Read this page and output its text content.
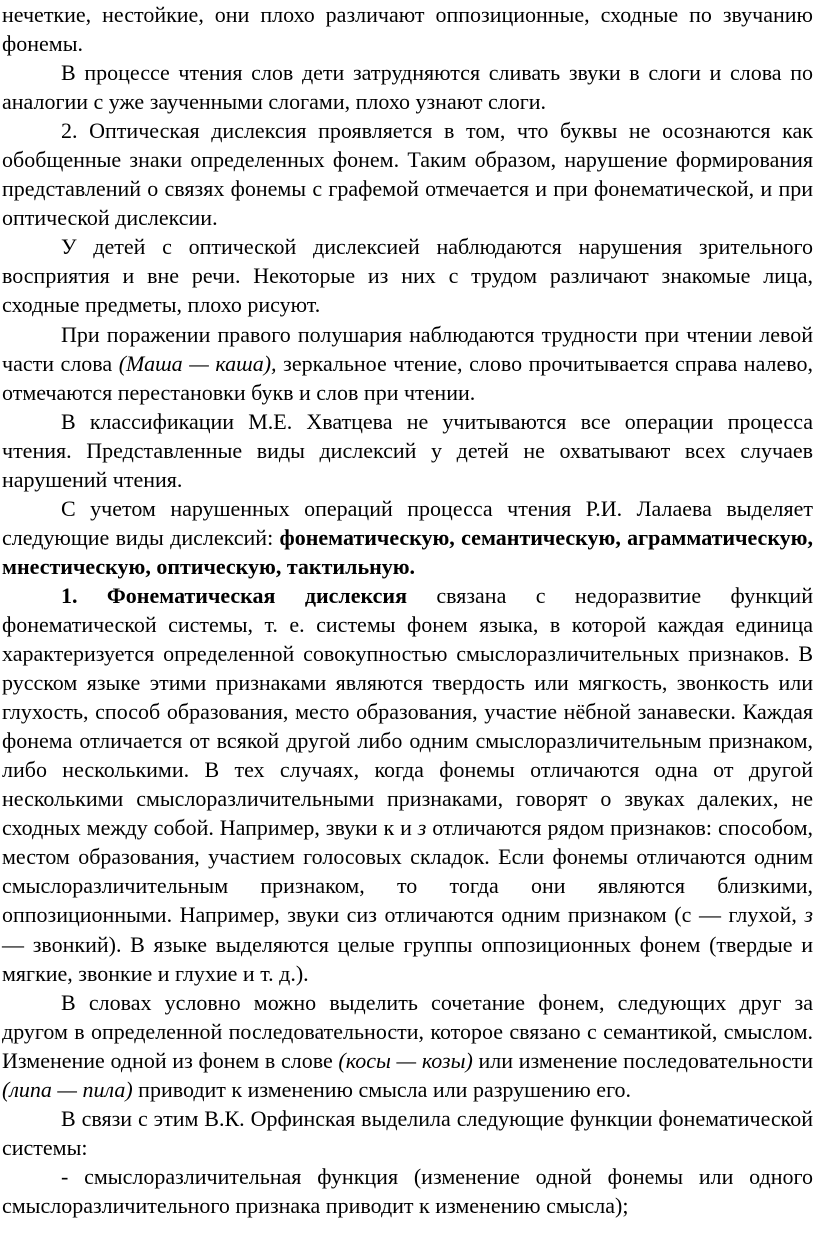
нечеткие, нестойкие, они плохо различают оппозиционные, сходные по звучанию фонемы.

В процессе чтения слов дети затрудняются сливать звуки в слоги и слова по аналогии с уже заученными слогами, плохо узнают слоги.

2. Оптическая дислексия проявляется в том, что буквы не осознаются как обобщенные знаки определенных фонем. Таким образом, нарушение формирования представлений о связях фонемы с графемой отмечается и при фонематической, и при оптической дислексии.

У детей с оптической дислексией наблюдаются нарушения зрительного восприятия и вне речи. Некоторые из них с трудом различают знакомые лица, сходные предметы, плохо рисуют.

При поражении правого полушария наблюдаются трудности при чтении левой части слова (Маша — каша), зеркальное чтение, слово прочитывается справа налево, отмечаются перестановки букв и слов при чтении.

В классификации М.Е. Хватцева не учитываются все операции процесса чтения. Представленные виды дислексий у детей не охватывают всех случаев нарушений чтения.

С учетом нарушенных операций процесса чтения Р.И. Лалаева выделяет следующие виды дислексий: фонематическую, семантическую, аграмматическую, мнестическую, оптическую, тактильную.

1. Фонематическая дислексия связана с недоразвитие функций фонематической системы, т. е. системы фонем языка, в которой каждая единица характеризуется определенной совокупностью смыслоразличительных признаков. В русском языке этими признаками являются твердость или мягкость, звонкость или глухость, способ образования, место образования, участие нёбной занавески. Каждая фонема отличается от всякой другой либо одним смыслоразличительным признаком, либо несколькими. В тех случаях, когда фонемы отличаются одна от другой несколькими смыслоразличительными признаками, говорят о звуках далеких, не сходных между собой. Например, звуки к и з отличаются рядом признаков: способом, местом образования, участием голосовых складок. Если фонемы отличаются одним смыслоразличительным признаком, то тогда они являются близкими, оппозиционными. Например, звуки сиз отличаются одним признаком (с — глухой, з — звонкий). В языке выделяются целые группы оппозиционных фонем (твердые и мягкие, звонкие и глухие и т. д.).

В словах условно можно выделить сочетание фонем, следующих друг за другом в определенной последовательности, которое связано с семантикой, смыслом. Изменение одной из фонем в слове (косы — козы) или изменение последовательности (липа — пила) приводит к изменению смысла или разрушению его.

В связи с этим В.К. Орфинская выделила следующие функции фонематической системы:

- смыслоразличительная функция (изменение одной фонемы или одного смыслоразличительного признака приводит к изменению смысла);
